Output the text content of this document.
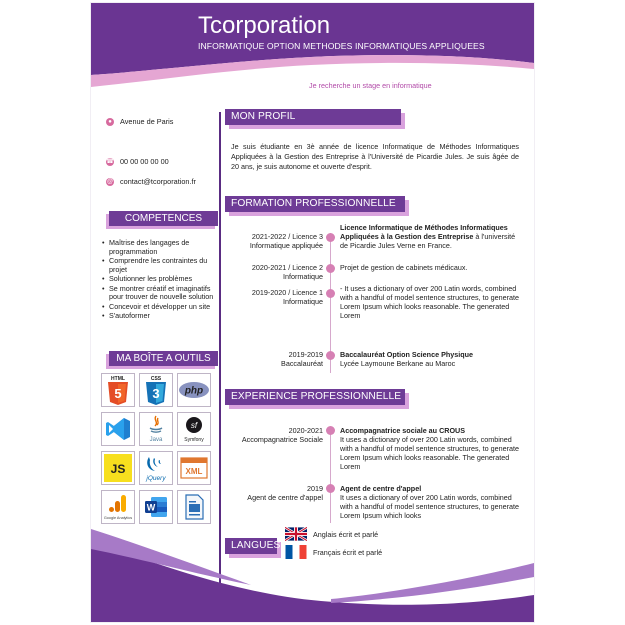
Tcorporation
INFORMATIQUE OPTION METHODES INFORMATIQUES APPLIQUEES
Je recherche un stage en informatique
● Avenue de Paris
☎ 00 00 00 00 00
@ contact@tcorporation.fr
COMPETENCES
• Maîtrise des langages de programmation
• Comprendre les contraintes du projet
• Solutionner les problèmes
• Se montrer créatif et imaginatifs pour trouver de nouvelle solution
• Concevoir et développer un site
• S'autoformer
MA BOÎTE A OUTILS
HTML
5
CSS
3	php
Java
sf
Symfony
JS
jQuery
XML
Google Analytics
W
MON PROFIL
Je suis étudiante en 3è année de licence Informatique de Méthodes Informatiques Appliquées à la Gestion des Entreprise à l'Université de Picardie Jules. Je suis âgée de 20 ans, je suis autonome et ouverte d'esprit.
FORMATION PROFESSIONNELLE
2021-2022 / Licence 3
Informatique appliquée
Licence Informatique de Méthodes Informatiques Appliquées à la Gestion des Entreprise à l'université de Picardie Jules Verne en France.
2020-2021 / Licence 2
Informatique
Projet de gestion de cabinets médicaux.
2019-2020 / Licence 1
Informatique
- It uses a dictionary of over 200 Latin words, combined with a handful of model sentence structures, to generate Lorem Ipsum which looks reasonable. The generated Lorem
2019-2019
Baccalauréat
Baccalauréat Option Science Physique
Lycée Laymoune Berkane au Maroc
EXPERIENCE PROFESSIONNELLE
2020-2021
Accompagnatrice Sociale
Accompagnatrice sociale au CROUS
It uses a dictionary of over 200 Latin words, combined with a handful of model sentence structures, to generate Lorem Ipsum which looks reasonable. The generated Lorem
2019
Agent de centre d'appel
Agent de centre d'appel
It uses a dictionary of over 200 Latin words, combined with a handful of model sentence structures, to generate Lorem Ipsum which looks
LANGUES
Anglais écrit et parlé
Français écrit et parlé
